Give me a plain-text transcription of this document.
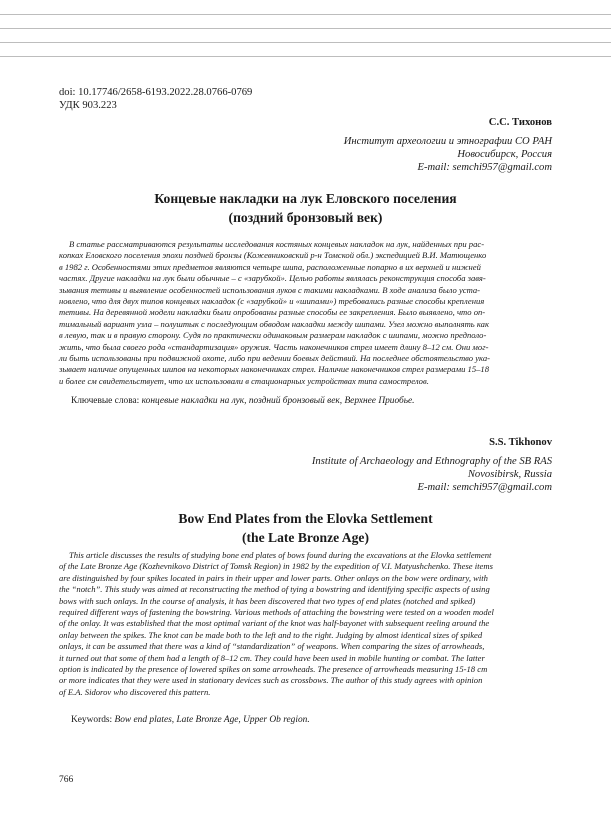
doi: 10.17746/2658-6193.2022.28.0766-0769
УДК 903.223
С.С. Тихонов
Институт археологии и этнографии СО РАН
Новосибирск, Россия
E-mail: semchi957@gmail.com
Концевые накладки на лук Еловского поселения
(поздний бронзовый век)
В статье рассматриваются результаты исследования костяных концевых накладок на лук, найденных при рас-
копках Еловского поселения эпохи поздней бронзы (Кожевниковский р-н Томской обл.) экспедицией В.И. Матющенко
в 1982 г. Особенностями этих предметов являются четыре шипа, расположенные попарно в их верхней и нижней
частях. Другие накладки на лук были обычные – с «зарубкой». Целью работы являлась реконструкция способа завя-
зывания тетивы и выявление особенностей использования луков с такими накладками. В ходе анализа было уста-
новлено, что для двух типов концевых накладок (с «зарубкой» и «шипами») требовались разные способы крепления
тетивы. На деревянной модели накладки были опробованы разные способы ее закрепления. Было выявлено, что оп-
тимальный вариант узла – полуштык с последующим обводом накладки между шипами. Узел можно выполнять как
в левую, так и в правую сторону. Судя по практически одинаковым размерам накладок с шипами, можно предполо-
жить, что была своего рода «стандартизация» оружия. Часть наконечников стрел имеет длину 8–12 см. Они мог-
ли быть использованы при подвижной охоте, либо при ведении боевых действий. На последнее обстоятельство ука-
зывает наличие опущенных шипов на некоторых наконечниках стрел. Наличие наконечников стрел размерами 15–18
и более см свидетельствует, что их использовали в стационарных устройствах типа самострелов.
Ключевые слова: концевые накладки на лук, поздний бронзовый век, Верхнее Приобье.
S.S. Tikhonov
Institute of Archaeology and Ethnography of the SB RAS
Novosibirsk, Russia
E-mail: semchi957@gmail.com
Bow End Plates from the Elovka Settlement
(the Late Bronze Age)
This article discusses the results of studying bone end plates of bows found during the excavations at the Elovka settlement
of the Late Bronze Age (Kozhevnikovo District of Tomsk Region) in 1982 by the expedition of V.I. Matyushchenko. These items
are distinguished by four spikes located in pairs in their upper and lower parts. Other onlays on the bow were ordinary, with
the “notch”. This study was aimed at reconstructing the method of tying a bowstring and identifying specific aspects of using
bows with such onlays. In the course of analysis, it has been discovered that two types of end plates (notched and spiked)
required different ways of fastening the bowstring. Various methods of attaching the bowstring were tested on a wooden model
of the onlay. It was established that the most optimal variant of the knot was half-bayonet with subsequent reeling around the
onlay between the spikes. The knot can be made both to the left and to the right. Judging by almost identical sizes of spiked
onlays, it can be assumed that there was a kind of “standardization” of weapons. When comparing the sizes of arrowheads,
it turned out that some of them had a length of 8–12 cm. They could have been used in mobile hunting or combat. The latter
option is indicated by the presence of lowered spikes on some arrowheads. The presence of arrowheads measuring 15-18 cm
or more indicates that they were used in stationary devices such as crossbows. The author of this study agrees with opinion
of E.A. Sidorov who discovered this pattern.
Keywords: Bow end plates, Late Bronze Age, Upper Ob region.
766
